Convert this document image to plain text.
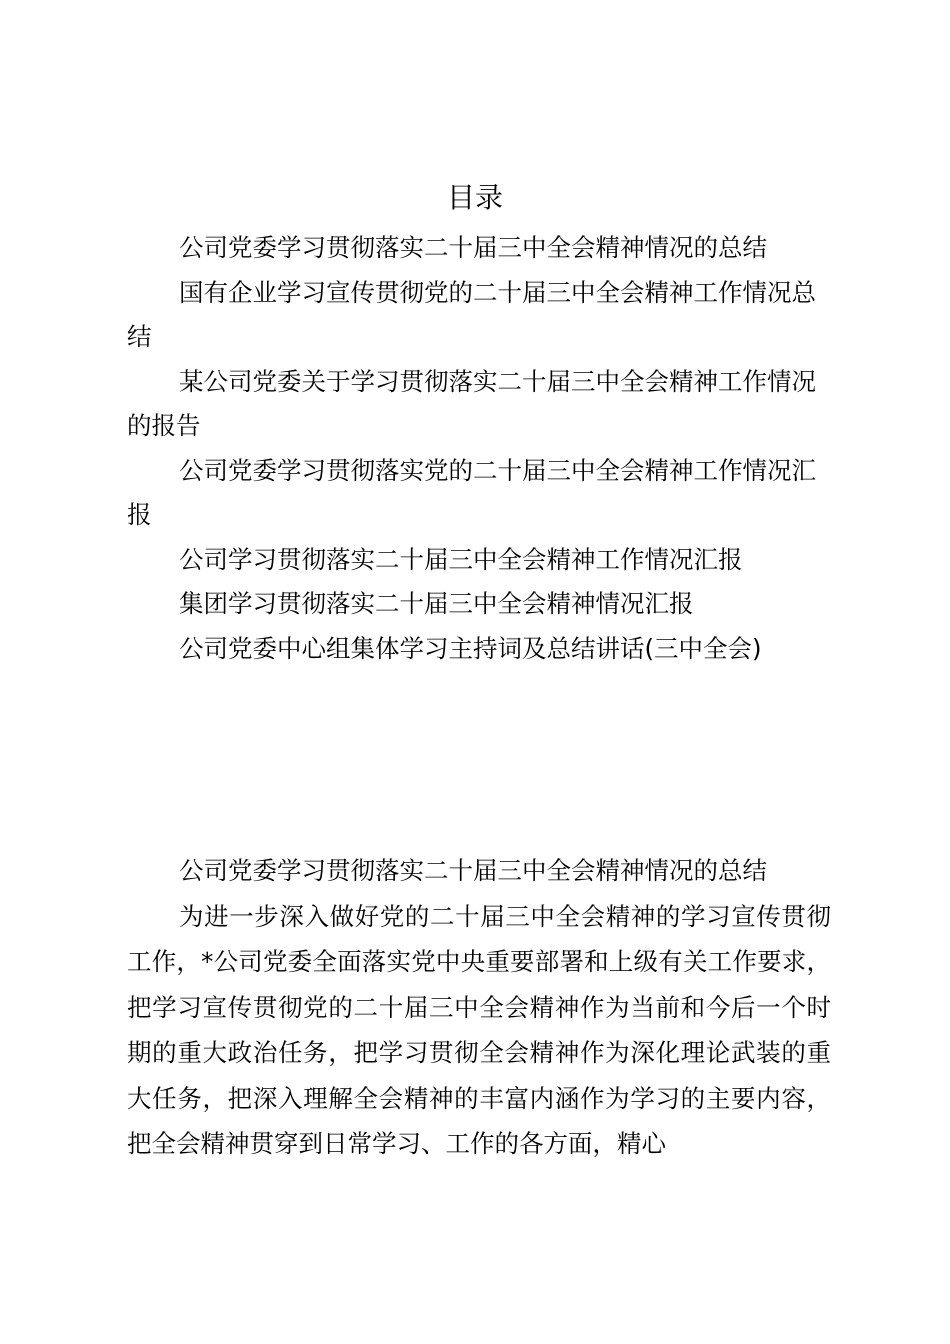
目录

公司党委学习贯彻落实二十届三中全会精神情况的总结

国有企业学习宣传贯彻党的二十届三中全会精神工作情况总结

某公司党委关于学习贯彻落实二十届三中全会精神工作情况的报告

公司党委学习贯彻落实党的二十届三中全会精神工作情况汇报

公司学习贯彻落实二十届三中全会精神工作情况汇报

集团学习贯彻落实二十届三中全会精神情况汇报

公司党委中心组集体学习主持词及总结讲话(三中全会)

公司党委学习贯彻落实二十届三中全会精神情况的总结

为进一步深入做好党的二十届三中全会精神的学习宣传贯彻工作，*公司党委全面落实党中央重要部署和上级有关工作要求，把学习宣传贯彻党的二十届三中全会精神作为当前和今后一个时期的重大政治任务，把学习贯彻全会精神作为深化理论武装的重大任务，把深入理解全会精神的丰富内涵作为学习的主要内容，把全会精神贯穿到日常学习、工作的各方面，精心
